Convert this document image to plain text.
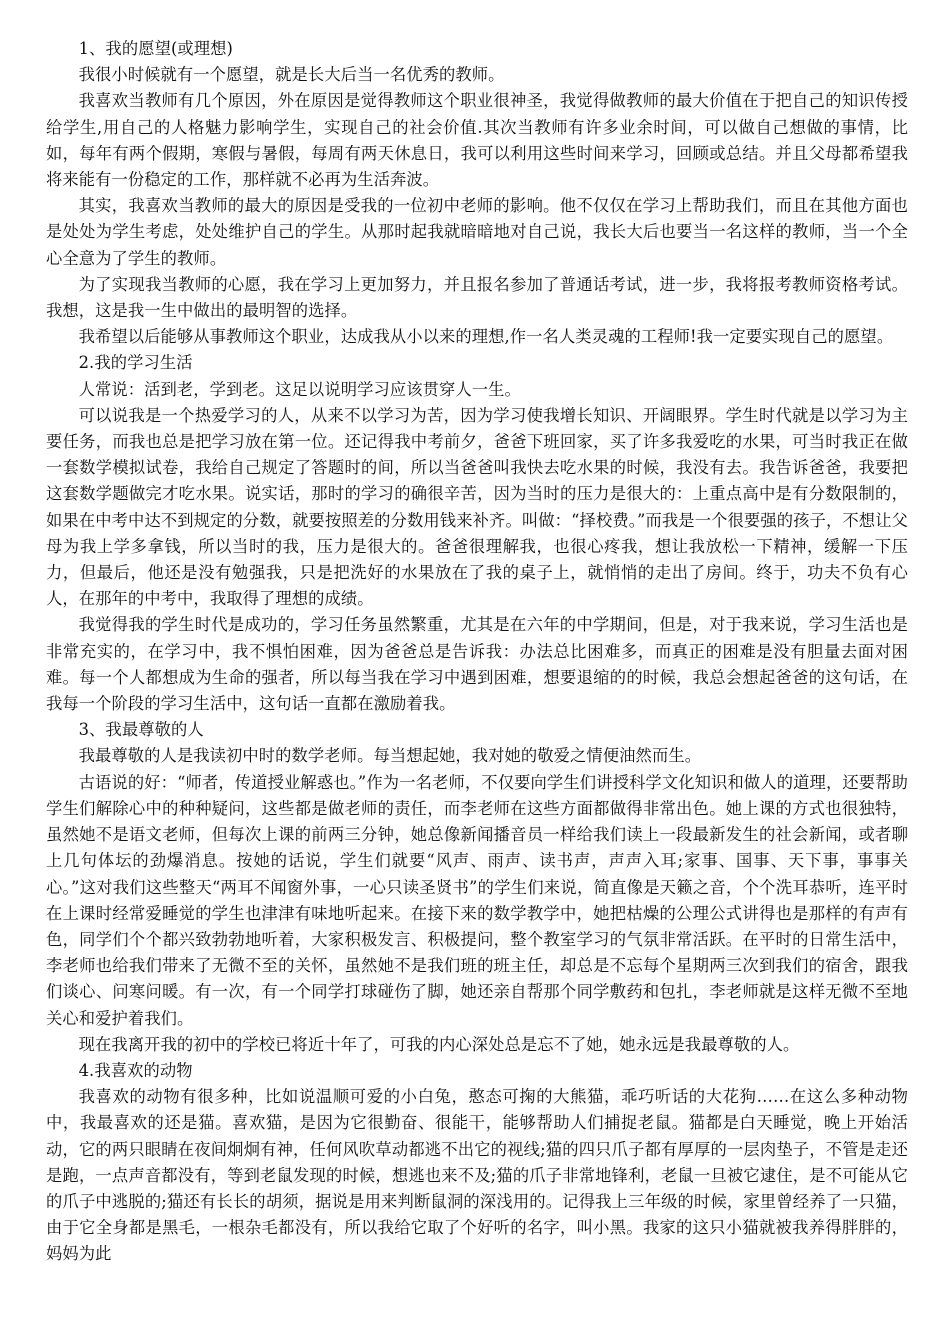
1、我的愿望(或理想)

我很小时候就有一个愿望，就是长大后当一名优秀的教师。

我喜欢当教师有几个原因，外在原因是觉得教师这个职业很神圣，我觉得做教师的最大价值在于把自己的知识传授给学生,用自己的人格魅力影响学生，实现自己的社会价值.其次当教师有许多业余时间，可以做自己想做的事情，比如，每年有两个假期，寒假与暑假，每周有两天休息日，我可以利用这些时间来学习，回顾或总结。并且父母都希望我将来能有一份稳定的工作，那样就不必再为生活奔波。

其实，我喜欢当教师的最大的原因是受我的一位初中老师的影响。他不仅仅在学习上帮助我们，而且在其他方面也是处处为学生考虑，处处维护自己的学生。从那时起我就暗暗地对自己说，我长大后也要当一名这样的教师，当一个全心全意为了学生的教师。

为了实现我当教师的心愿，我在学习上更加努力，并且报名参加了普通话考试，进一步，我将报考教师资格考试。我想，这是我一生中做出的最明智的选择。

我希望以后能够从事教师这个职业，达成我从小以来的理想,作一名人类灵魂的工程师!我一定要实现自己的愿望。

2.我的学习生活

人常说：活到老，学到老。这足以说明学习应该贯穿人一生。

可以说我是一个热爱学习的人，从来不以学习为苦，因为学习使我增长知识、开阔眼界。学生时代就是以学习为主要任务，而我也总是把学习放在第一位。还记得我中考前夕，爸爸下班回家，买了许多我爱吃的水果，可当时我正在做一套数学模拟试卷，我给自己规定了答题时的间，所以当爸爸叫我快去吃水果的时候，我没有去。我告诉爸爸，我要把这套数学题做完才吃水果。说实话，那时的学习的确很辛苦，因为当时的压力是很大的：上重点高中是有分数限制的，如果在中考中达不到规定的分数，就要按照差的分数用钱来补齐。叫做：“择校费。”而我是一个很要强的孩子，不想让父母为我上学多拿钱，所以当时的我，压力是很大的。爸爸很理解我，也很心疼我，想让我放松一下精神，缓解一下压力，但最后，他还是没有勉强我，只是把洗好的水果放在了我的桌子上，就悄悄的走出了房间。终于，功夫不负有心人，在那年的中考中，我取得了理想的成绩。

我觉得我的学生时代是成功的，学习任务虽然繁重，尤其是在六年的中学期间，但是，对于我来说，学习生活也是非常充实的，在学习中，我不惧怕困难，因为爸爸总是告诉我：办法总比困难多，而真正的困难是没有胆量去面对困难。每一个人都想成为生命的强者，所以每当我在学习中遇到困难，想要退缩的的时候，我总会想起爸爸的这句话，在我每一个阶段的学习生活中，这句话一直都在激励着我。

3、我最尊敬的人

我最尊敬的人是我读初中时的数学老师。每当想起她，我对她的敬爱之情便油然而生。

古语说的好：“师者，传道授业解惑也。”作为一名老师，不仅要向学生们讲授科学文化知识和做人的道理，还要帮助学生们解除心中的种种疑问，这些都是做老师的责任，而李老师在这些方面都做得非常出色。她上课的方式也很独特，虽然她不是语文老师，但每次上课的前两三分钟，她总像新闻播音员一样给我们读上一段最新发生的社会新闻，或者聊上几句体坛的劲爆消息。按她的话说，学生们就要“风声、雨声、读书声，声声入耳;家事、国事、天下事，事事关心。”这对我们这些整天“两耳不闻窗外事，一心只读圣贤书”的学生们来说，简直像是天籁之音，个个洗耳恭听，连平时在上课时经常爱睡觉的学生也津津有味地听起来。在接下来的数学教学中，她把枯燥的公理公式讲得也是那样的有声有色，同学们个个都兴致勃勃地听着，大家积极发言、积极提问，整个教室学习的气氛非常活跃。在平时的日常生活中，李老师也给我们带来了无微不至的关怀，虽然她不是我们班的班主任，却总是不忘每个星期两三次到我们的宿舍，跟我们谈心、问寒问暖。有一次，有一个同学打球碰伤了脚，她还亲自帮那个同学敷药和包扎，李老师就是这样无微不至地关心和爱护着我们。

现在我离开我的初中的学校已将近十年了，可我的内心深处总是忘不了她，她永远是我最尊敬的人。

4.我喜欢的动物

我喜欢的动物有很多种，比如说温顺可爱的小白兔，憨态可掬的大熊猫，乖巧听话的大花狗……在这么多种动物中，我最喜欢的还是猫。喜欢猫，是因为它很勤奋、很能干，能够帮助人们捕捉老鼠。猫都是白天睡觉，晚上开始活动，它的两只眼睛在夜间炯炯有神，任何风吹草动都逃不出它的视线;猫的四只爪子都有厚厚的一层肉垫子，不管是走还是跑，一点声音都没有，等到老鼠发现的时候，想逃也来不及;猫的爪子非常地锋利，老鼠一旦被它逮住，是不可能从它的爪子中逃脱的;猫还有长长的胡须，据说是用来判断鼠洞的深浅用的。记得我上三年级的时候，家里曾经养了一只猫，由于它全身都是黑毛，一根杂毛都没有，所以我给它取了个好听的名字，叫小黑。我家的这只小猫就被我养得胖胖的，妈妈为此
